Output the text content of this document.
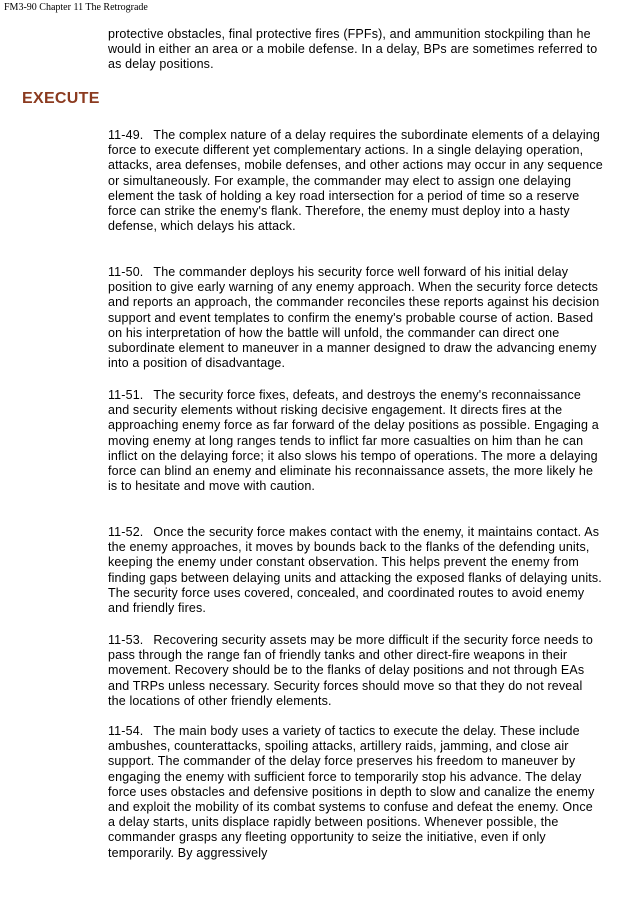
FM3-90 Chapter 11 The Retrograde

protective obstacles, final protective fires (FPFs), and ammunition stockpiling than he would in either an area or a mobile defense. In a delay, BPs are sometimes referred to as delay positions.

EXECUTE

11-49. The complex nature of a delay requires the subordinate elements of a delaying force to execute different yet complementary actions. In a single delaying operation, attacks, area defenses, mobile defenses, and other actions may occur in any sequence or simultaneously. For example, the commander may elect to assign one delaying element the task of holding a key road intersection for a period of time so a reserve force can strike the enemy's flank. Therefore, the enemy must deploy into a hasty defense, which delays his attack.

11-50. The commander deploys his security force well forward of his initial delay position to give early warning of any enemy approach. When the security force detects and reports an approach, the commander reconciles these reports against his decision support and event templates to confirm the enemy's probable course of action. Based on his interpretation of how the battle will unfold, the commander can direct one subordinate element to maneuver in a manner designed to draw the advancing enemy into a position of disadvantage.

11-51. The security force fixes, defeats, and destroys the enemy's reconnaissance and security elements without risking decisive engagement. It directs fires at the approaching enemy force as far forward of the delay positions as possible. Engaging a moving enemy at long ranges tends to inflict far more casualties on him than he can inflict on the delaying force; it also slows his tempo of operations. The more a delaying force can blind an enemy and eliminate his reconnaissance assets, the more likely he is to hesitate and move with caution.

11-52. Once the security force makes contact with the enemy, it maintains contact. As the enemy approaches, it moves by bounds back to the flanks of the defending units, keeping the enemy under constant observation. This helps prevent the enemy from finding gaps between delaying units and attacking the exposed flanks of delaying units. The security force uses covered, concealed, and coordinated routes to avoid enemy and friendly fires.

11-53. Recovering security assets may be more difficult if the security force needs to pass through the range fan of friendly tanks and other direct-fire weapons in their movement. Recovery should be to the flanks of delay positions and not through EAs and TRPs unless necessary. Security forces should move so that they do not reveal the locations of other friendly elements.

11-54. The main body uses a variety of tactics to execute the delay. These include ambushes, counterattacks, spoiling attacks, artillery raids, jamming, and close air support. The commander of the delay force preserves his freedom to maneuver by engaging the enemy with sufficient force to temporarily stop his advance. The delay force uses obstacles and defensive positions in depth to slow and canalize the enemy and exploit the mobility of its combat systems to confuse and defeat the enemy. Once a delay starts, units displace rapidly between positions. Whenever possible, the commander grasps any fleeting opportunity to seize the initiative, even if only temporarily. By aggressively
